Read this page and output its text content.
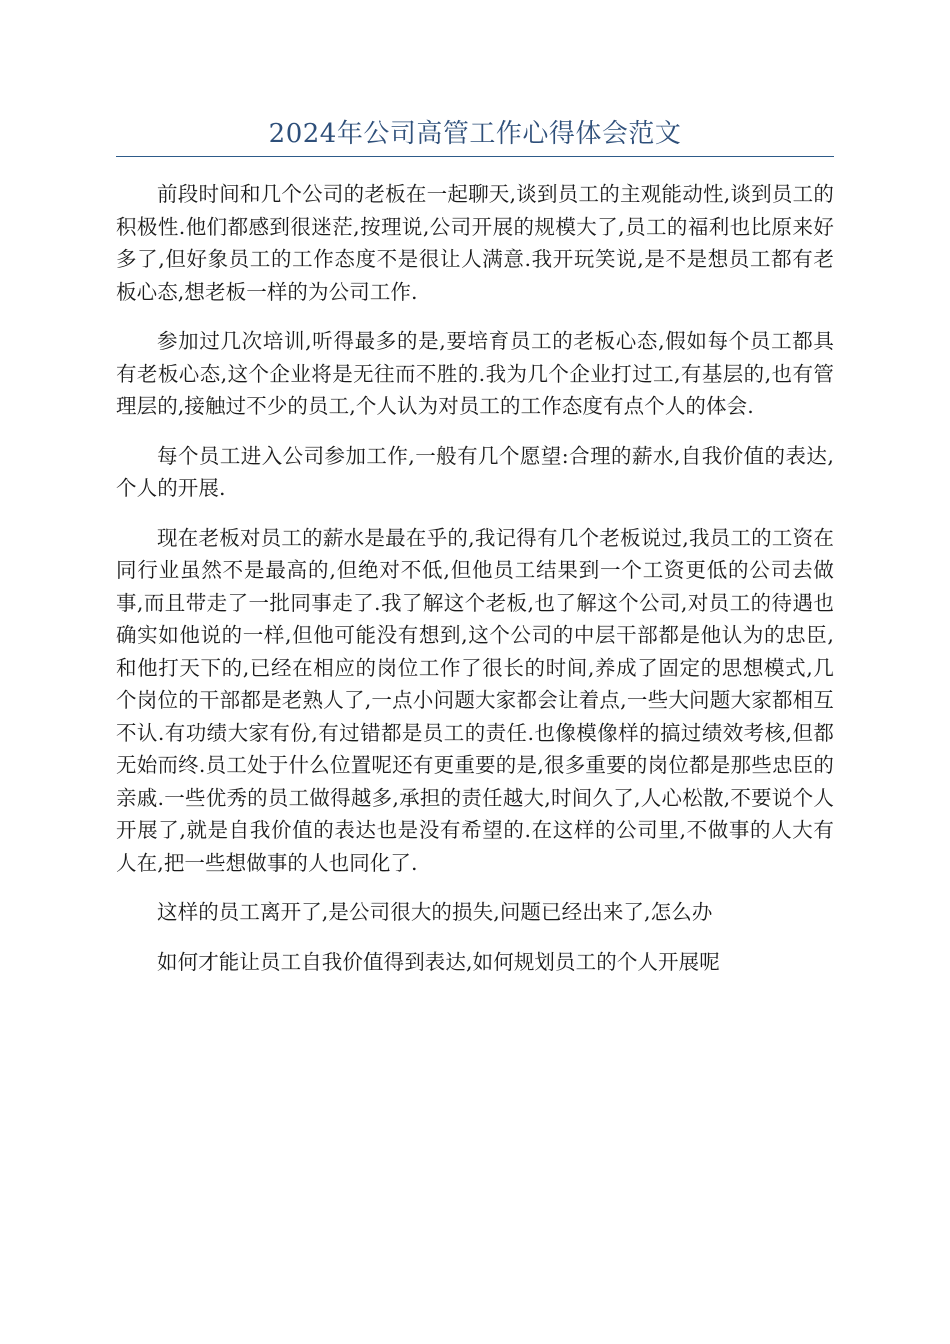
2024年公司高管工作心得体会范文

前段时间和几个公司的老板在一起聊天,谈到员工的主观能动性,谈到员工的积极性.他们都感到很迷茫,按理说,公司开展的规模大了,员工的福利也比原来好多了,但好象员工的工作态度不是很让人满意.我开玩笑说,是不是想员工都有老板心态,想老板一样的为公司工作.

参加过几次培训,听得最多的是,要培育员工的老板心态,假如每个员工都具有老板心态,这个企业将是无往而不胜的.我为几个企业打过工,有基层的,也有管理层的,接触过不少的员工,个人认为对员工的工作态度有点个人的体会.

每个员工进入公司参加工作,一般有几个愿望:合理的薪水,自我价值的表达,个人的开展.

现在老板对员工的薪水是最在乎的,我记得有几个老板说过,我员工的工资在同行业虽然不是最高的,但绝对不低,但他员工结果到一个工资更低的公司去做事,而且带走了一批同事走了.我了解这个老板,也了解这个公司,对员工的待遇也确实如他说的一样,但他可能没有想到,这个公司的中层干部都是他认为的忠臣,和他打天下的,已经在相应的岗位工作了很长的时间,养成了固定的思想模式,几个岗位的干部都是老熟人了,一点小问题大家都会让着点,一些大问题大家都相互不认.有功绩大家有份,有过错都是员工的责任.也像模像样的搞过绩效考核,但都无始而终.员工处于什么位置呢还有更重要的是,很多重要的岗位都是那些忠臣的亲戚.一些优秀的员工做得越多,承担的责任越大,时间久了,人心松散,不要说个人开展了,就是自我价值的表达也是没有希望的.在这样的公司里,不做事的人大有人在,把一些想做事的人也同化了.

这样的员工离开了,是公司很大的损失,问题已经出来了,怎么办

如何才能让员工自我价值得到表达,如何规划员工的个人开展呢
